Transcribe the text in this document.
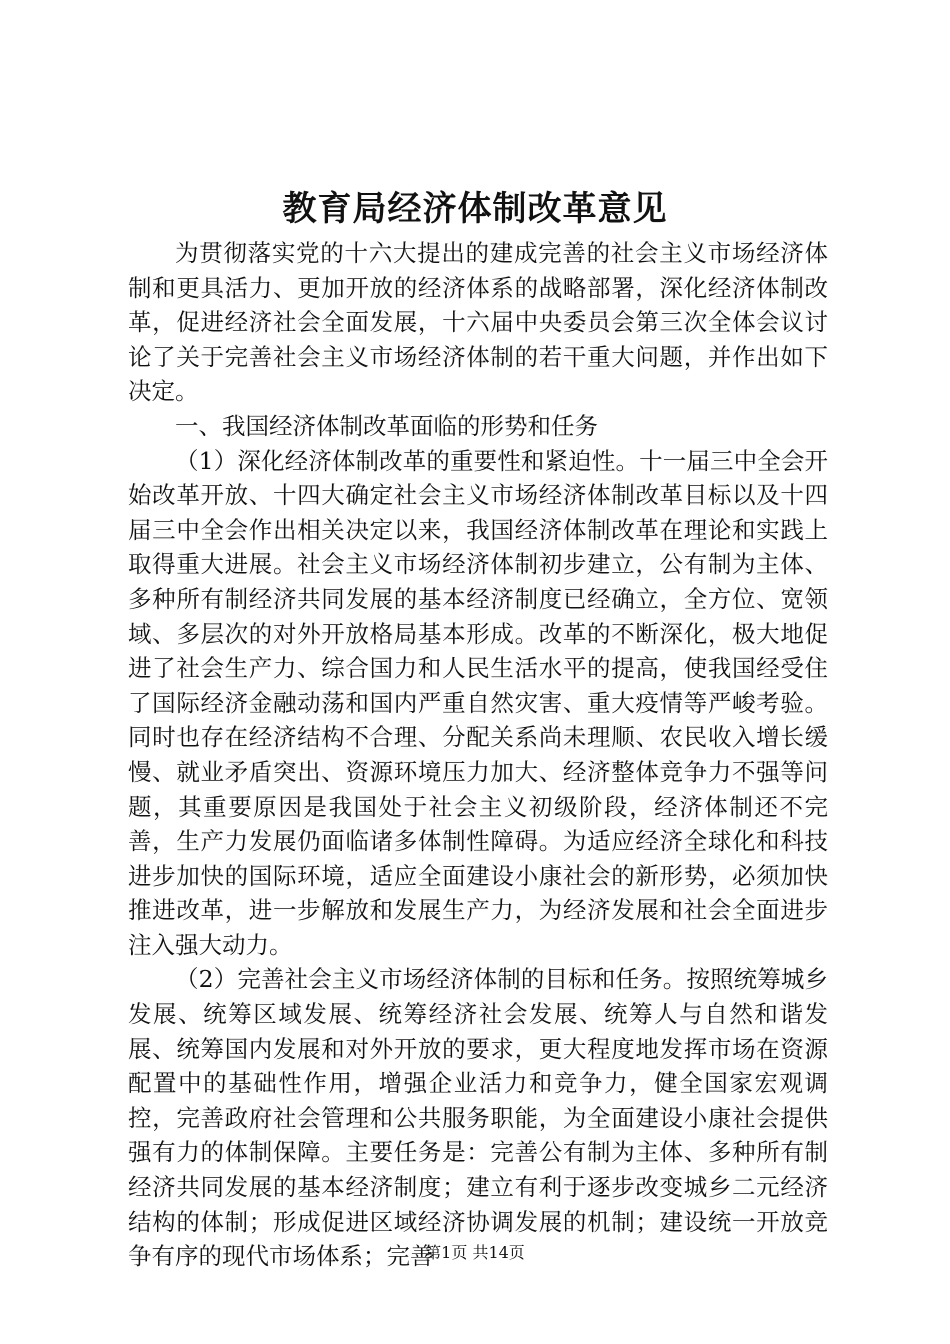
教育局经济体制改革意见

为贯彻落实党的十六大提出的建成完善的社会主义市场经济体制和更具活力、更加开放的经济体系的战略部署，深化经济体制改革，促进经济社会全面发展，十六届中央委员会第三次全体会议讨论了关于完善社会主义市场经济体制的若干重大问题，并作出如下决定。

一、我国经济体制改革面临的形势和任务

（1）深化经济体制改革的重要性和紧迫性。十一届三中全会开始改革开放、十四大确定社会主义市场经济体制改革目标以及十四届三中全会作出相关决定以来，我国经济体制改革在理论和实践上取得重大进展。社会主义市场经济体制初步建立，公有制为主体、多种所有制经济共同发展的基本经济制度已经确立，全方位、宽领域、多层次的对外开放格局基本形成。改革的不断深化，极大地促进了社会生产力、综合国力和人民生活水平的提高，使我国经受住了国际经济金融动荡和国内严重自然灾害、重大疫情等严峻考验。同时也存在经济结构不合理、分配关系尚未理顺、农民收入增长缓慢、就业矛盾突出、资源环境压力加大、经济整体竞争力不强等问题，其重要原因是我国处于社会主义初级阶段，经济体制还不完善，生产力发展仍面临诸多体制性障碍。为适应经济全球化和科技进步加快的国际环境，适应全面建设小康社会的新形势，必须加快推进改革，进一步解放和发展生产力，为经济发展和社会全面进步注入强大动力。

（2）完善社会主义市场经济体制的目标和任务。按照统筹城乡发展、统筹区域发展、统筹经济社会发展、统筹人与自然和谐发展、统筹国内发展和对外开放的要求，更大程度地发挥市场在资源配置中的基础性作用，增强企业活力和竞争力，健全国家宏观调控，完善政府社会管理和公共服务职能，为全面建设小康社会提供强有力的体制保障。主要任务是：完善公有制为主体、多种所有制经济共同发展的基本经济制度；建立有利于逐步改变城乡二元经济结构的体制；形成促进区域经济协调发展的机制；建设统一开放竞争有序的现代市场体系；完善

第1页 共14页
